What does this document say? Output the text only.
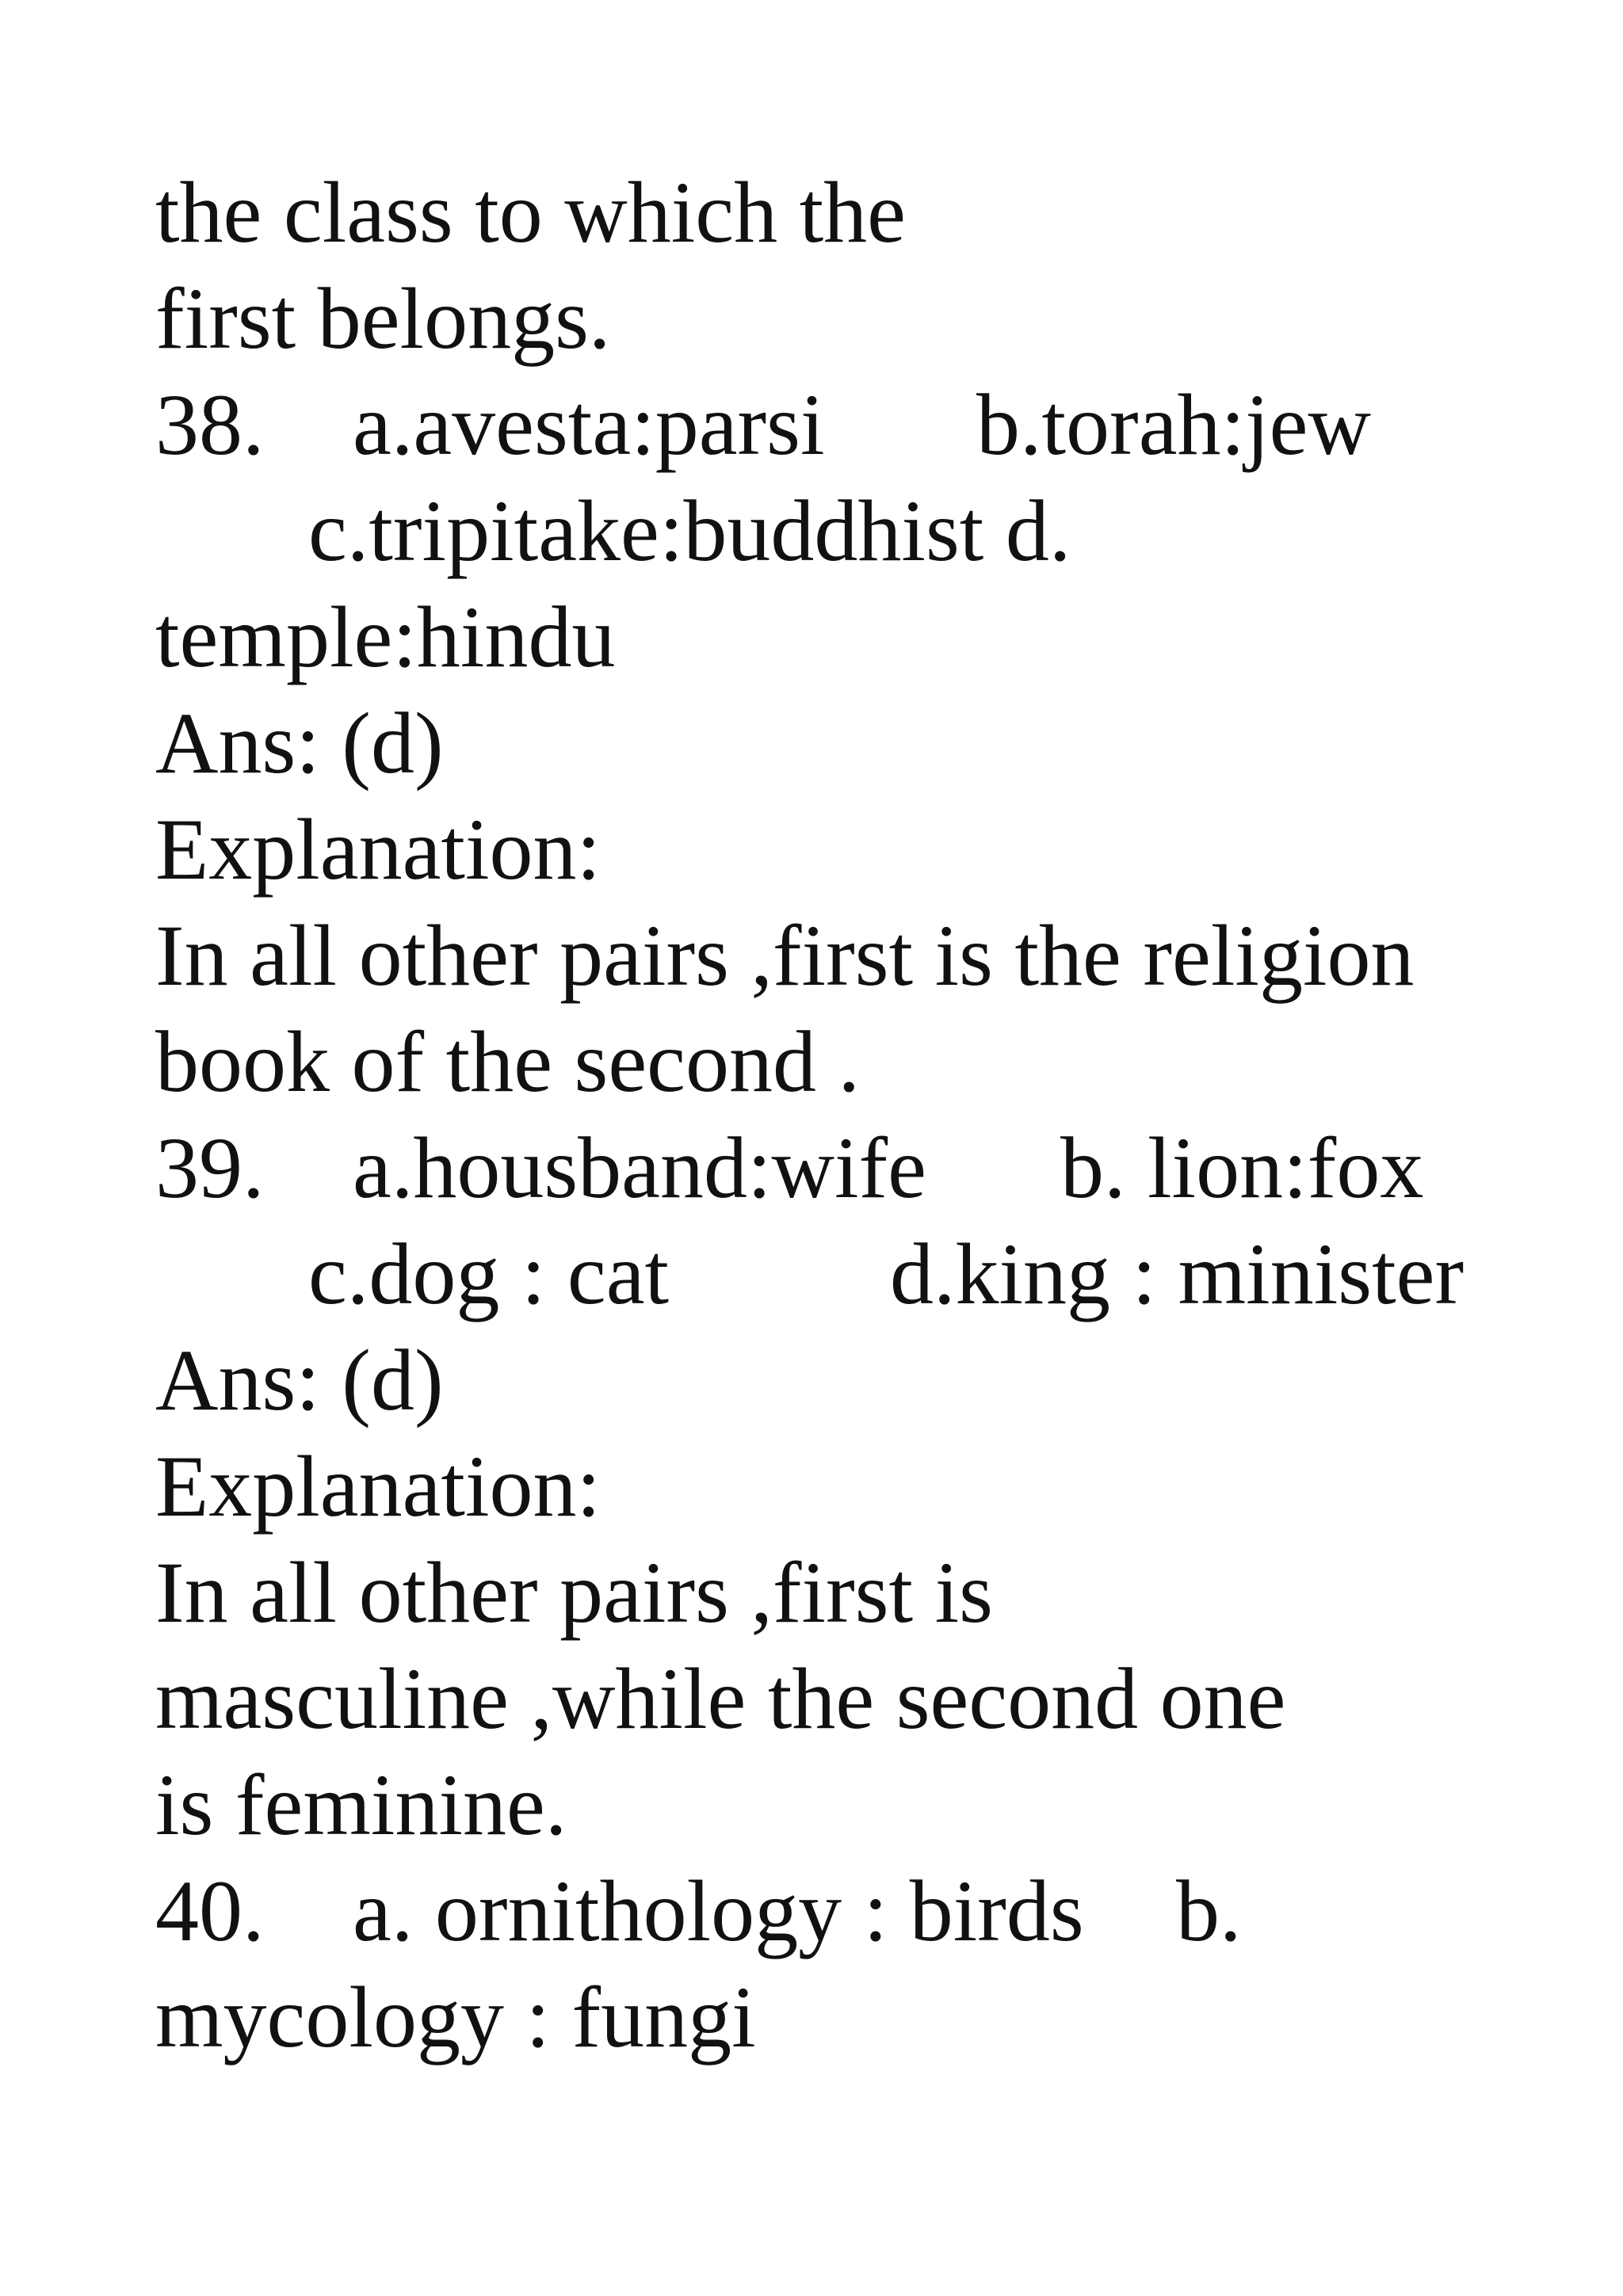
the class to which the
first belongs.
38. a.avesta:parsi b.torah:jew
c.tripitake:buddhist d.
temple:hindu
Ans: (d)
Explanation:
In all other pairs ,first is the religion
book of the second .
39. a.housband:wife b. lion:fox
c.dog : cat	d.king : minister
Ans: (d)
Explanation:
In all other pairs ,first is
masculine ,while the second one
is feminine.
40. a. ornithology : birds b.
mycology : fungi
